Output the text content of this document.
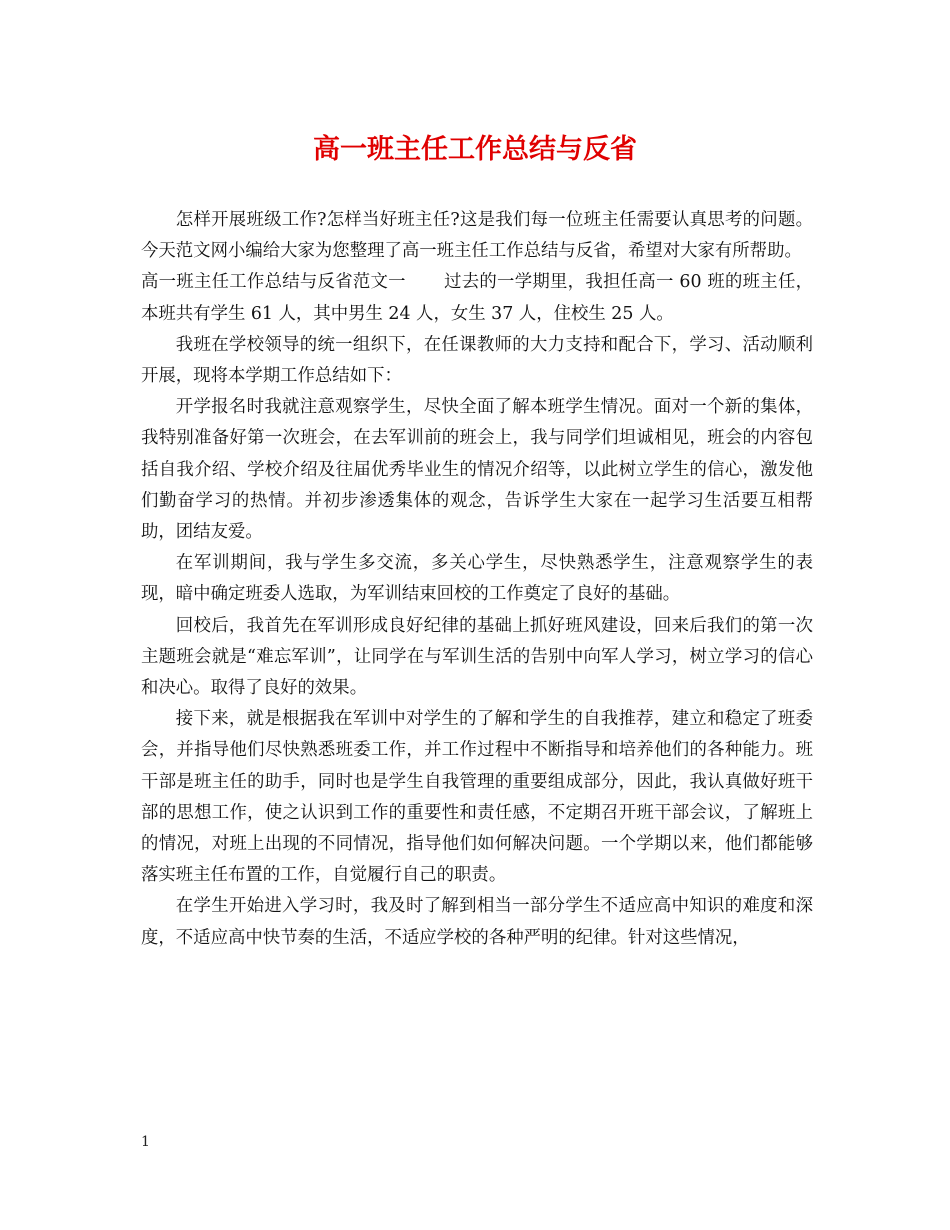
高一班主任工作总结与反省

怎样开展班级工作?怎样当好班主任?这是我们每一位班主任需要认真思考的问题。今天范文网小编给大家为您整理了高一班主任工作总结与反省，希望对大家有所帮助。

高一班主任工作总结与反省范文一 过去的一学期里，我担任高一 60 班的班主任，本班共有学生 61 人，其中男生 24 人，女生 37 人，住校生 25 人。

我班在学校领导的统一组织下，在任课教师的大力支持和配合下，学习、活动顺利开展，现将本学期工作总结如下：

开学报名时我就注意观察学生，尽快全面了解本班学生情况。面对一个新的集体，我特别准备好第一次班会，在去军训前的班会上，我与同学们坦诚相见，班会的内容包括自我介绍、学校介绍及往届优秀毕业生的情况介绍等，以此树立学生的信心，激发他们勤奋学习的热情。并初步渗透集体的观念，告诉学生大家在一起学习生活要互相帮助，团结友爱。

在军训期间，我与学生多交流，多关心学生，尽快熟悉学生，注意观察学生的表现，暗中确定班委人选取，为军训结束回校的工作奠定了良好的基础。

回校后，我首先在军训形成良好纪律的基础上抓好班风建设，回来后我们的第一次主题班会就是“难忘军训”，让同学在与军训生活的告别中向军人学习，树立学习的信心和决心。取得了良好的效果。

接下来，就是根据我在军训中对学生的了解和学生的自我推荐，建立和稳定了班委会，并指导他们尽快熟悉班委工作，并工作过程中不断指导和培养他们的各种能力。班干部是班主任的助手，同时也是学生自我管理的重要组成部分，因此，我认真做好班干部的思想工作，使之认识到工作的重要性和责任感，不定期召开班干部会议，了解班上的情况，对班上出现的不同情况，指导他们如何解决问题。一个学期以来，他们都能够落实班主任布置的工作，自觉履行自己的职责。

在学生开始进入学习时，我及时了解到相当一部分学生不适应高中知识的难度和深度，不适应高中快节奏的生活，不适应学校的各种严明的纪律。针对这些情况，

1
